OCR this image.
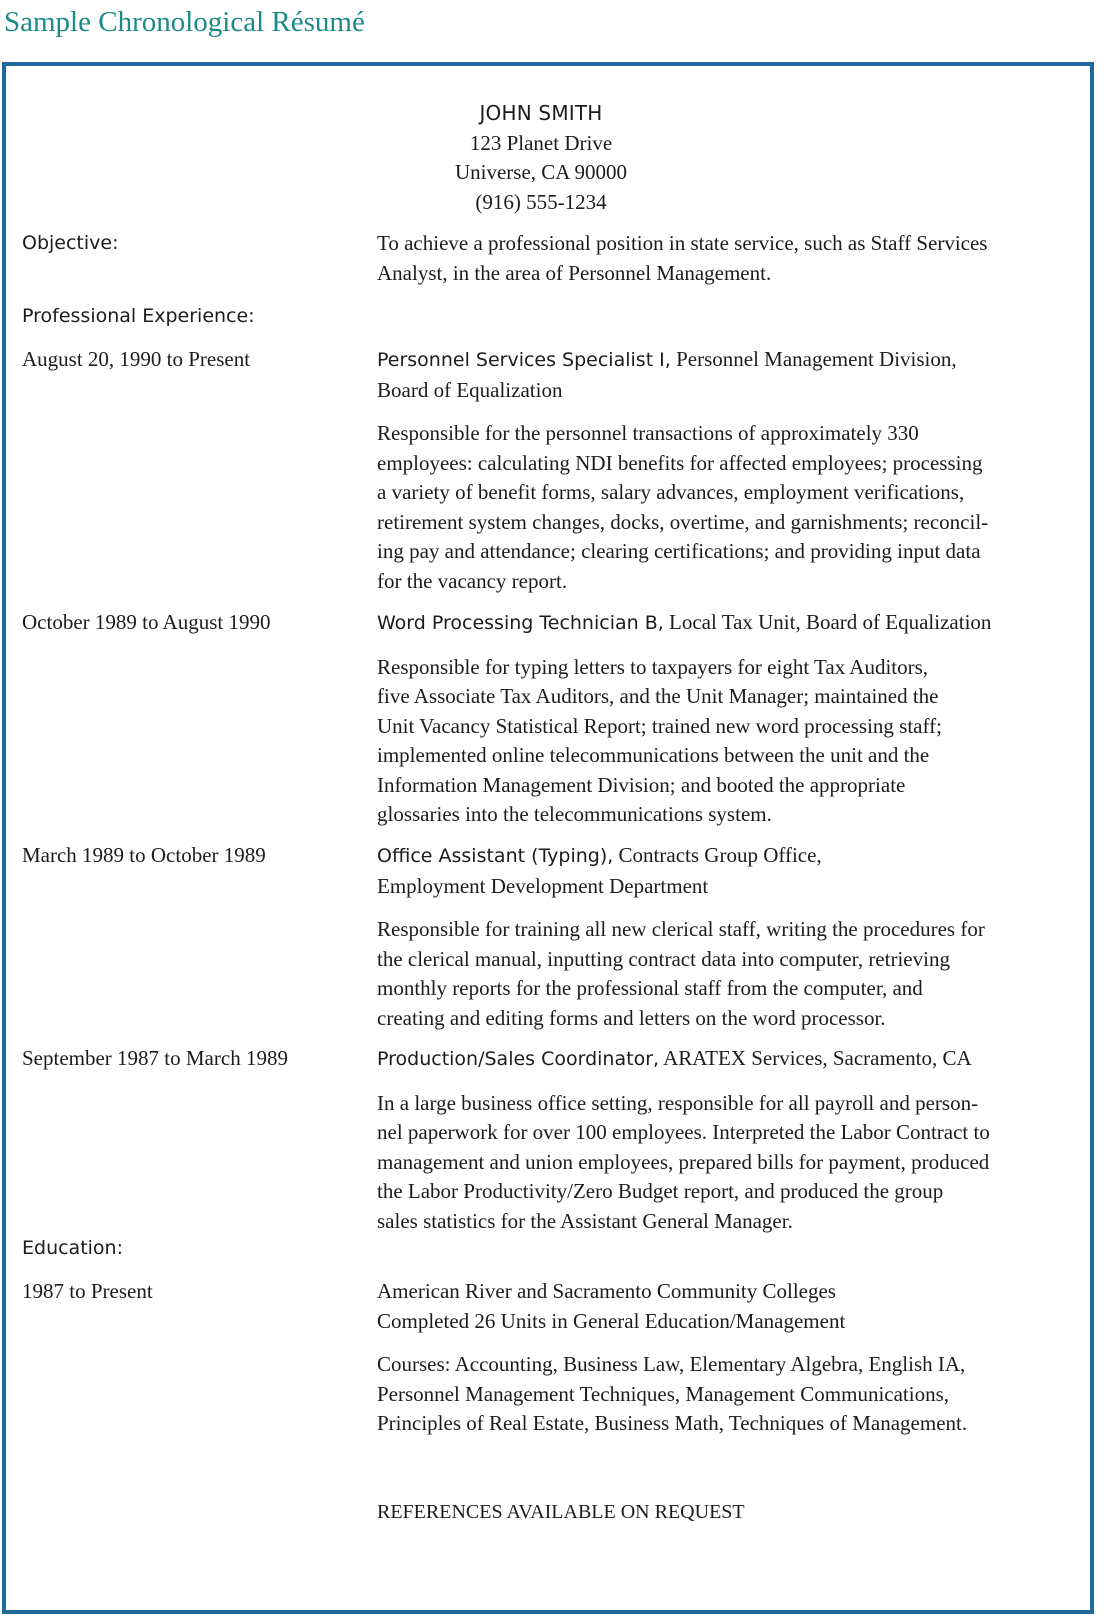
Sample Chronological Résumé
JOHN SMITH
123 Planet Drive
Universe, CA 90000
(916) 555-1234
Objective:	To achieve a professional position in state service, such as Staff Services

Analyst, in the area of Personnel Management.

Professional Experience:
August 20, 1990 to Present	Personnel Services Specialist I, Personnel Management Division,

Board of Equalization

Responsible for the personnel transactions of approximately 330

employees: calculating NDI benefits for affected employees; processing

a variety of benefit forms, salary advances, employment verifications,

retirement system changes, docks, overtime, and garnishments; reconcil-

ing pay and attendance; clearing certifications; and providing input data

for the vacancy report.

October 1989 to August 1990	Word Processing Technician B, Local Tax Unit, Board of Equalization

Responsible for typing letters to taxpayers for eight Tax Auditors,

five Associate Tax Auditors, and the Unit Manager; maintained the

Unit Vacancy Statistical Report; trained new word processing staff;

implemented online telecommunications between the unit and the

Information Management Division; and booted the appropriate

glossaries into the telecommunications system.

March 1989 to October 1989	Office Assistant (Typing), Contracts Group Office,

Employment Development Department

Responsible for training all new clerical staff, writing the procedures for

the clerical manual, inputting contract data into computer, retrieving

monthly reports for the professional staff from the computer, and

creating and editing forms and letters on the word processor.

September 1987 to March 1989	Production/Sales Coordinator, ARATEX Services, Sacramento, CA

In a large business office setting, responsible for all payroll and person-

nel paperwork for over 100 employees. Interpreted the Labor Contract to

management and union employees, prepared bills for payment, produced

the Labor Productivity/Zero Budget report, and produced the group

sales statistics for the Assistant General Manager.

Education:
1987 to Present	American River and Sacramento Community Colleges

Completed 26 Units in General Education/Management

Courses: Accounting, Business Law, Elementary Algebra, English IA,

Personnel Management Techniques, Management Communications,

Principles of Real Estate, Business Math, Techniques of Management.

REFERENCES AVAILABLE ON REQUEST
